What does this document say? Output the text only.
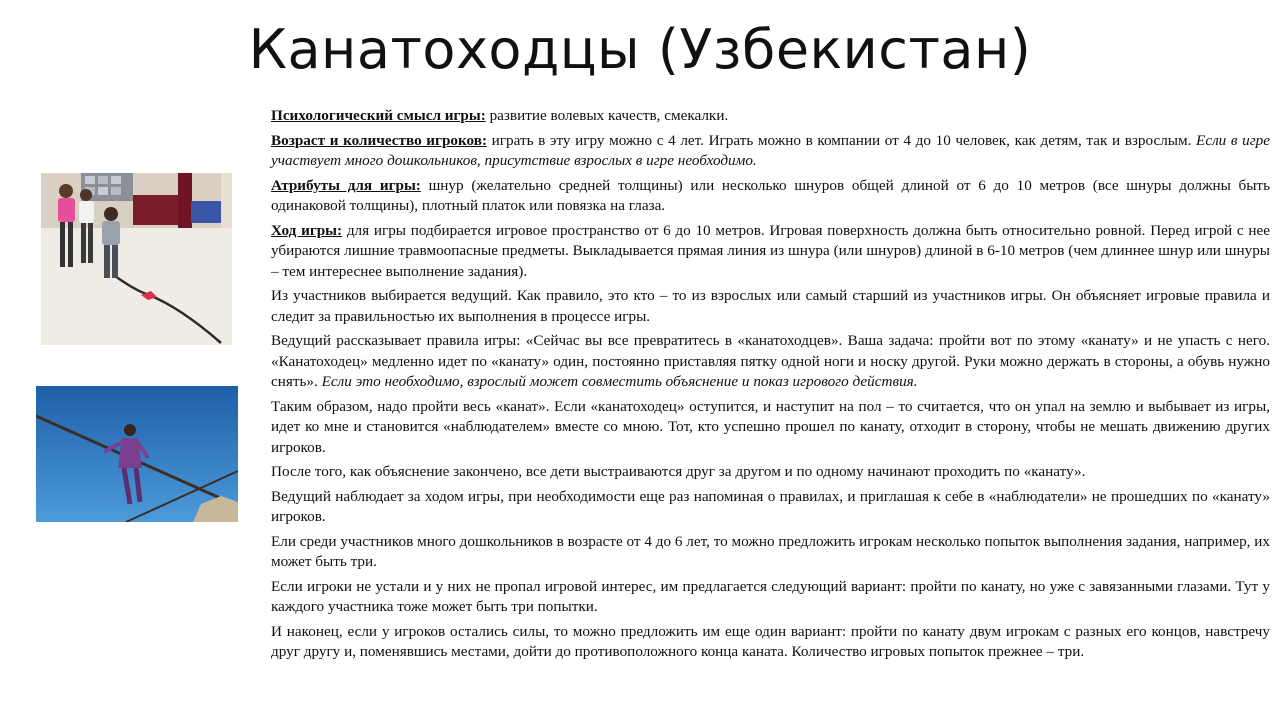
Канатоходцы (Узбекистан)

Психологический смысл игры: развитие волевых качеств, смекалки.

Возраст и количество игроков: играть в эту игру можно с 4 лет. Играть можно в компании от 4 до 10 человек, как детям, так и взрослым. Если в игре участвует много дошкольников, присутствие взрослых в игре необходимо.

Атрибуты для игры: шнур (желательно средней толщины) или несколько шнуров общей длиной от 6 до 10 метров (все шнуры должны быть одинаковой толщины), плотный платок или повязка на глаза.

Ход игры: для игры подбирается игровое пространство от 6 до 10 метров. Игровая поверхность должна быть относительно ровной. Перед игрой с нее убираются лишние травмоопасные предметы. Выкладывается прямая линия из шнура (или шнуров) длиной в 6-10 метров (чем длиннее шнур или шнуры – тем интереснее выполнение задания).

Из участников выбирается ведущий. Как правило, это кто – то из взрослых или самый старший из участников игры. Он объясняет игровые правила и следит за правильностью их выполнения в процессе игры.

Ведущий рассказывает правила игры: «Сейчас вы все превратитесь в «канатоходцев». Ваша задача: пройти вот по этому «канату» и не упасть с него. «Канатоходец» медленно идет по «канату» один, постоянно приставляя пятку одной ноги и носку другой. Руки можно держать в стороны, а обувь нужно снять». Если это необходимо, взрослый может совместить объяснение и показ игрового действия.

Таким образом, надо пройти весь «канат». Если «канатоходец» оступится, и наступит на пол – то считается, что он упал на землю и выбывает из игры, идет ко мне и становится «наблюдателем» вместе со мною. Тот, кто успешно прошел по канату, отходит в сторону, чтобы не мешать движению других игроков.

После того, как объяснение закончено, все дети выстраиваются друг за другом и по одному начинают проходить по «канату».

Ведущий наблюдает за ходом игры, при необходимости еще раз напоминая о правилах, и приглашая к себе в «наблюдатели» не прошедших по «канату» игроков.

Ели среди участников много дошкольников в возрасте от 4 до 6 лет, то можно предложить игрокам несколько попыток выполнения задания, например, их может быть три.

Если игроки не устали и у них не пропал игровой интерес, им предлагается следующий вариант: пройти по канату, но уже с завязанными глазами. Тут у каждого участника тоже может быть три попытки.

И наконец, если у игроков остались силы, то можно предложить им еще один вариант: пройти по канату двум игрокам с разных его концов, навстречу друг другу и, поменявшись местами, дойти до противоположного конца каната. Количество игровых попыток прежнее – три.
